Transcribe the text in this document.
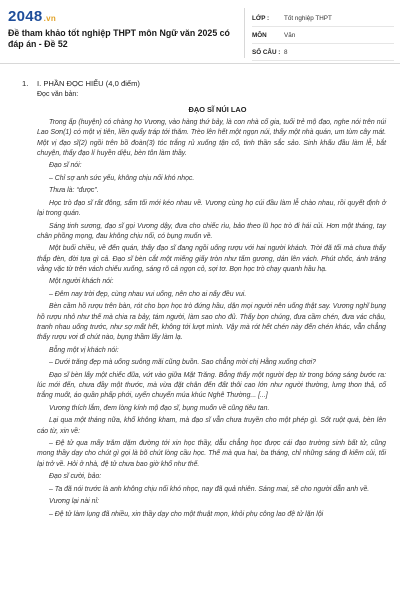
2048.vn
Đề tham khảo tốt nghiệp THPT môn Ngữ văn 2025 có đáp án - Đề 52
LỚP :	Tốt nghiệp THPT
MÔN	Văn
SỐ CÂU : 8
1. I. PHẦN ĐỌC HIỂU (4,0 điểm)
Đọc văn bản:
ĐẠO SĨ NÚI LAO

Trong ấp (huyện) có chàng họ Vương, vào hàng thứ bảy, là con nhà cổ gia, tuổi trẻ mộ đạo, nghe nói trên núi Lao Sơn(1) có một vị tiên, liền quẩy tráp tới thăm. Trèo lên hết một ngọn núi, thấy một nhà quán, um tùm cây mát. Một vị đạo sĩ(2) ngồi trên bồ đoàn(3) tóc trắng rủ xuống tận cổ, tinh thần sắc sảo. Sinh khấu đầu làm lễ, bắt chuyện, thấy đạo lí huyền diệu, bèn tôn làm thầy.

Đạo sĩ nói:

– Chỉ sợ anh sức yếu, không chịu nổi khó nhọc.

Thưa là: “được”.

Học trò đạo sĩ rất đông, sẩm tối mới kéo nhau về. Vương cùng họ cúi đầu làm lễ chào nhau, rồi quyết định ở lại trong quán.

Sáng tinh sương, đạo sĩ gọi Vương dậy, đưa cho chiếc rìu, bảo theo lũ học trò đi hái củi. Hơn một tháng, tay chân phồng mọng, đau không chịu nổi, có bụng muốn về.

Một buổi chiều, về đến quán, thấy đạo sĩ đang ngồi uống rượu với hai người khách. Trời đã tối mà chưa thấy thắp đèn, đời tựa gì cả. Đạo sĩ bèn cắt một miếng giấy tròn như tấm gương, dán lên vách. Phút chốc, ánh trăng vằng vặc từ trên vách chiếu xuống, sáng rõ cả ngọn cỏ, sợi tơ. Bọn học trò chạy quanh hầu hạ.

Một người khách nói:

– Đêm nay trời đẹp, cùng nhau vui uống, nên cho ai nấy đều vui.

Bèn cầm hồ rượu trên bàn, rót cho bọn học trò đứng hầu, dặn mọi người nên uống thật say. Vương nghĩ bụng hồ rượu nhỏ như thế mà chia ra bảy, tám người, làm sao cho đủ. Thấy bọn chúng, đưa cầm chén, đưa vác chậu, tranh nhau uống trước, như sợ mất hết, không tới lượt mình. Vậy mà rót hết chén này đến chén khác, vẫn chẳng thấy rượu vơi đi chút nào, bụng thầm lấy làm lạ.

Bỗng một vị khách nói:

– Dưới trăng đẹp mà uống suông mãi cũng buồn. Sao chẳng mời chị Hằng xuống chơi?

Đạo sĩ bèn lấy một chiếc đũa, vứt vào giữa Mặt Trăng. Bỗng thấy một người đẹp từ trong bóng sáng bước ra: lúc mới đến, chưa đầy một thước, mà vừa đặt chân đến đất thôi cao lớn như người thường, lưng thon thả, cổ trắng muốt, áo quần phấp phới, uyển chuyển múa khúc Nghê Thường... [...]

Vương thích lắm, đem lòng kính mộ đạo sĩ, bụng muốn về cũng tiêu tan.

Lại qua một tháng nữa, khổ không kham, mà đạo sĩ vẫn chưa truyền cho một phép gì. Sốt ruột quá, bèn lên cáo từ, xin về:

– Đệ tử qua mấy trăm dặm đường tới xin học thầy, dẫu chẳng học được cái đạo trường sinh bất tử, cũng mong thầy dạy cho chút gì gọi là bõ chút lòng cầu học. Thế mà qua hai, ba tháng, chỉ những sáng đi kiếm củi, tối lại trở về. Hỏi ở nhà, đệ tử chưa bao giờ khổ như thế.

Đạo sĩ cười, bảo:

– Ta đã nói trước là anh không chịu nổi khó nhọc, nay đã quả nhiên. Sáng mai, sẽ cho người dẫn anh về.

Vương lại nài nỉ:

– Đệ tử làm lụng đã nhiều, xin thầy dạy cho một thuật mọn, khỏi phụ công lao đệ tử lặn lội
